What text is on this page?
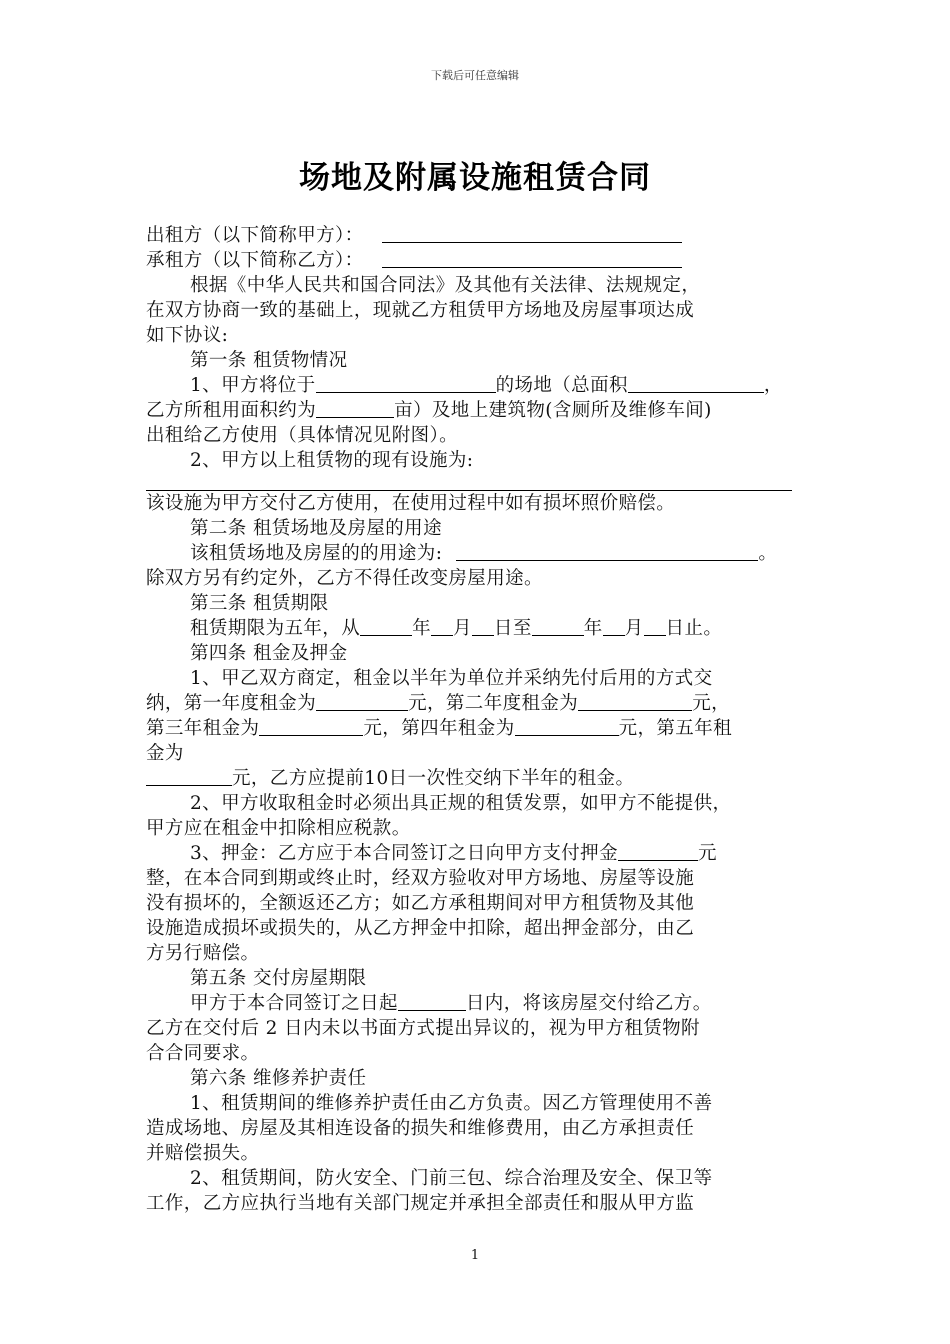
下载后可任意编辑
场地及附属设施租赁合同
出租方（以下简称甲方）：
承租方（以下简称乙方）：
根据《中华人民共和国合同法》及其他有关法律、法规规定，
在双方协商一致的基础上，现就乙方租赁甲方场地及房屋事项达成
如下协议:
第一条 租赁物情况
1、甲方将位于	的场地（总面积	，
乙方所租用面积约为	亩）及地上建筑物(含厕所及维修车间)
出租给乙方使用（具体情况见附图）。
2、甲方以上租赁物的现有设施为:
该设施为甲方交付乙方使用，在使用过程中如有损坏照价赔偿。
第二条 租赁场地及房屋的用途
该租赁场地及房屋的的用途为:	。
除双方另有约定外，乙方不得任改变房屋用途。
第三条 租赁期限
租赁期限为五年，从	年 月 日至	年 月 日止。
第四条 租金及押金
1、甲乙双方商定，租金以半年为单位并采纳先付后用的方式交
纳，第一年度租金为	元，第二年度租金为	元，
第三年租金为	元，第四年租金为	元，第五年租
金为
元，乙方应提前10日一次性交纳下半年的租金。
2、甲方收取租金时必须出具正规的租赁发票，如甲方不能提供，
甲方应在租金中扣除相应税款。
3、押金：乙方应于本合同签订之日向甲方支付押金	元
整，在本合同到期或终止时，经双方验收对甲方场地、房屋等设施
没有损坏的，全额返还乙方；如乙方承租期间对甲方租赁物及其他
设施造成损坏或损失的，从乙方押金中扣除，超出押金部分，由乙
方另行赔偿。
第五条 交付房屋期限
甲方于本合同签订之日起	日内，将该房屋交付给乙方。
乙方在交付后 2 日内未以书面方式提出异议的，视为甲方租赁物附
合合同要求。
第六条 维修养护责任
1、租赁期间的维修养护责任由乙方负责。因乙方管理使用不善
造成场地、房屋及其相连设备的损失和维修费用，由乙方承担责任
并赔偿损失。
2、租赁期间，防火安全、门前三包、综合治理及安全、保卫等
工作，乙方应执行当地有关部门规定并承担全部责任和服从甲方监
1
